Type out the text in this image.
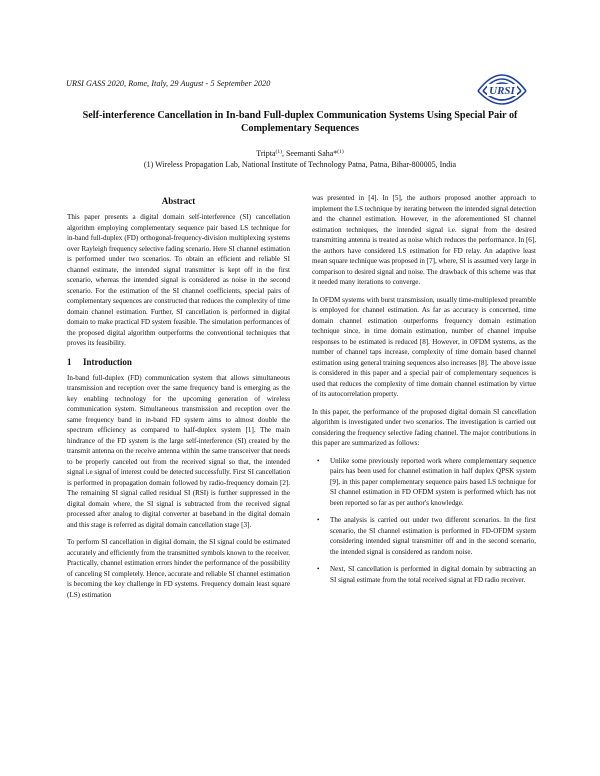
URSI GASS 2020, Rome, Italy, 29 August - 5 September 2020
URSI
Self-interference Cancellation in In-band Full-duplex Communication Systems Using Special Pair of Complementary Sequences
Tripta$^{(1)}$, Seemanti Saha*$^{(1)}$
(1) Wireless Propagation Lab, National Institute of Technology Patna, Patna, Bihar-800005, India
Abstract

This paper presents a digital domain self-interference (SI) cancellation algorithm employing complementary sequence pair based LS technique for in-band full-duplex (FD) orthogonal-frequency-division multiplexing systems over Rayleigh frequency selective fading scenario. Here SI channel estimation is performed under two scenarios. To obtain an efficient and reliable SI channel estimate, the intended signal transmitter is kept off in the first scenario, whereas the intended signal is considered as noise in the second scenario. For the estimation of the SI channel coefficients, special pairs of complementary sequences are constructed that reduces the complexity of time domain channel estimation. Further, SI cancellation is performed in digital domain to make practical FD system feasible. The simulation performances of the proposed digital algorithm outperforms the conventional techniques that proves its feasibility.

1 Introduction

In-band full-duplex (FD) communication system that allows simultaneous transmission and reception over the same frequency band is emerging as the key enabling technology for the upcoming generation of wireless communication system. Simultaneous transmission and reception over the same frequency band in in-band FD system aims to almost double the spectrum efficiency as compared to half-duplex system [1]. The main hindrance of the FD system is the large self-interference (SI) created by the transmit antenna on the receive antenna within the same transceiver that needs to be properly canceled out from the received signal so that, the intended signal i.e signal of interest could be detected successfully. First SI cancellation is performed in propagation domain followed by radio-frequency domain [2]. The remaining SI signal called residual SI (RSI) is further suppressed in the digital domain where, the SI signal is subtracted from the received signal processed after analog to digital converter at baseband in the digital domain and this stage is referred as digital domain cancellation stage [3].

To perform SI cancellation in digital domain, the SI signal could be estimated accurately and efficiently from the transmitted symbols known to the receiver. Practically, channel estimation errors hinder the performance of the possibility of canceling SI completely. Hence, accurate and reliable SI channel estimation is becoming the key challenge in FD systems. Frequency domain least square (LS) estimation

was presented in [4]. In [5], the authors proposed another approach to implement the LS technique by iterating between the intended signal detection and the channel estimation. However, in the aforementioned SI channel estimation techniques, the intended signal i.e. signal from the desired transmitting antenna is treated as noise which reduces the performance. In [6], the authors have considered LS estimation for FD relay. An adaptive least mean square technique was proposed in [7], where, SI is assumed very large in comparison to desired signal and noise. The drawback of this scheme was that it needed many iterations to converge.

In OFDM systems with burst transmission, usually time-multiplexed preamble is employed for channel estimation. As far as accuracy is concerned, time domain channel estimation outperforms frequency domain estimation technique since, in time domain estimation, number of channel impulse responses to be estimated is reduced [8]. However, in OFDM systems, as the number of channel taps increase, complexity of time domain based channel estimation using general training sequences also increases [8]. The above issue is considered in this paper and a special pair of complementary sequences is used that reduces the complexity of time domain channel estimation by virtue of its autocorrelation property.

In this paper, the performance of the proposed digital domain SI cancellation algorithm is investigated under two scenarios. The investigation is carried out considering the frequency selective fading channel. The major contributions in this paper are summarized as follows:

• Unlike some previously reported work where complementary sequence pairs has been used for channel estimation in half duplex QPSK system [9], in this paper complementary sequence pairs based LS technique for SI channel estimation in FD OFDM system is performed which has not been reported so far as per author's knowledge.
• The analysis is carried out under two different scenarios. In the first scenario, the SI channel estimation is performed in FD-OFDM system considering intended signal transmitter off and in the second scenario, the intended signal is considered as random noise.
• Next, SI cancellation is performed in digital domain by subtracting an SI signal estimate from the total received signal at FD radio receiver.
